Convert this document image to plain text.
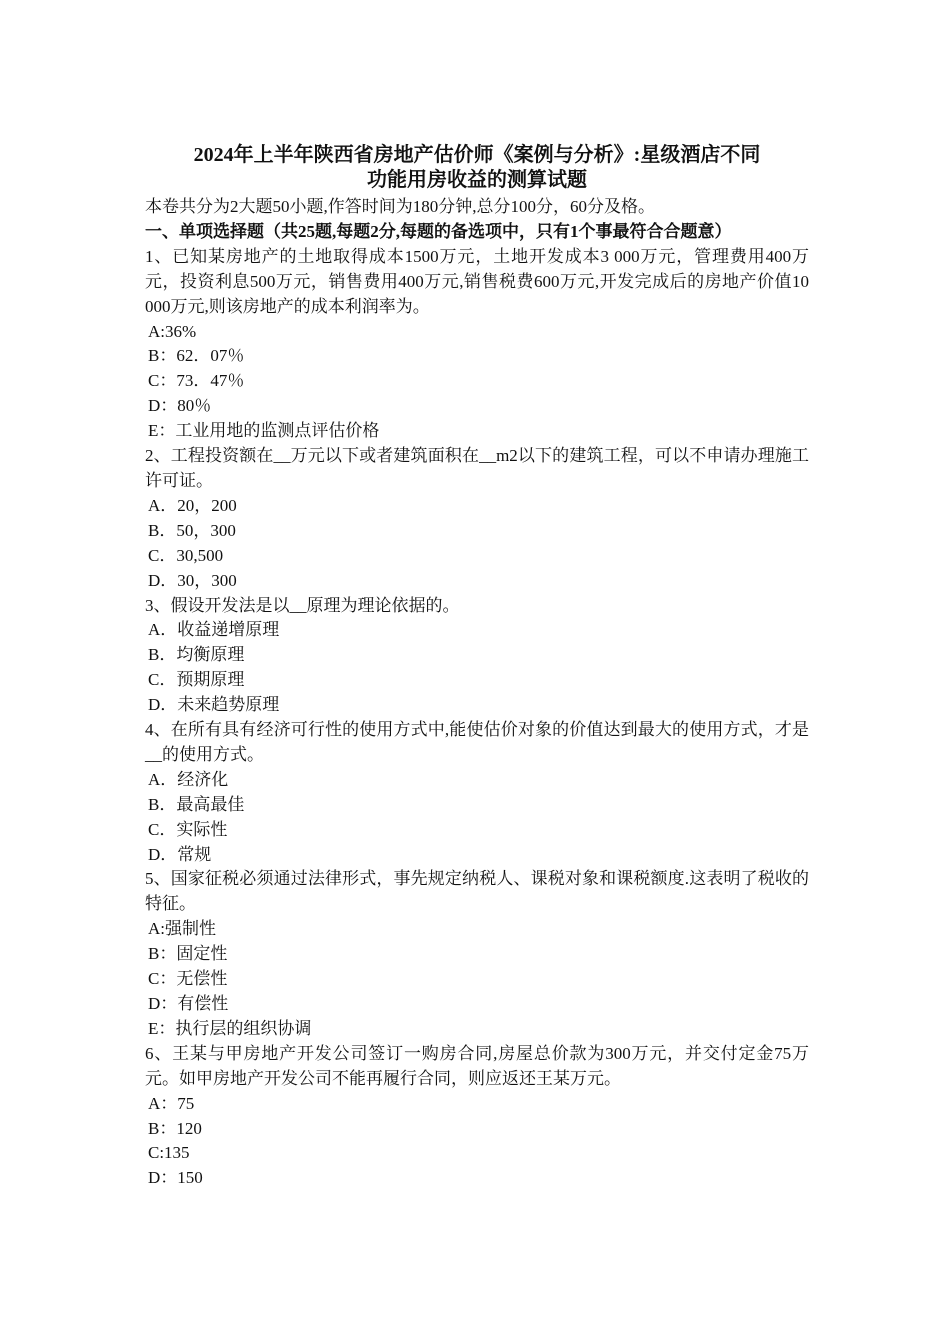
2024年上半年陕西省房地产估价师《案例与分析》:星级酒店不同

功能用房收益的测算试题

本卷共分为2大题50小题,作答时间为180分钟,总分100分，60分及格。

一、单项选择题（共25题,每题2分,每题的备选项中，只有1个事最符合合题意）

1、已知某房地产的土地取得成本1500万元，土地开发成本3 000万元，管理费用400万元，投资利息500万元，销售费用400万元,销售税费600万元,开发完成后的房地产价值10 000万元,则该房地产的成本利润率为。

A:36%

B：62．07％

C：73．47％

D：80％

E：工业用地的监测点评估价格

2、工程投资额在__万元以下或者建筑面积在__m2以下的建筑工程，可以不申请办理施工许可证。

A．20，200

B．50，300

C．30,500

D．30，300

3、假设开发法是以__原理为理论依据的。

A．收益递增原理

B．均衡原理

C．预期原理

D．未来趋势原理

4、在所有具有经济可行性的使用方式中,能使估价对象的价值达到最大的使用方式，才是__的使用方式。

A．经济化

B．最高最佳

C．实际性

D．常规

5、国家征税必须通过法律形式，事先规定纳税人、课税对象和课税额度.这表明了税收的特征。

A:强制性

B：固定性

C：无偿性

D：有偿性

E：执行层的组织协调

6、王某与甲房地产开发公司签订一购房合同,房屋总价款为300万元，并交付定金75万元。如甲房地产开发公司不能再履行合同，则应返还王某万元。

A：75

B：120

C:135

D：150
